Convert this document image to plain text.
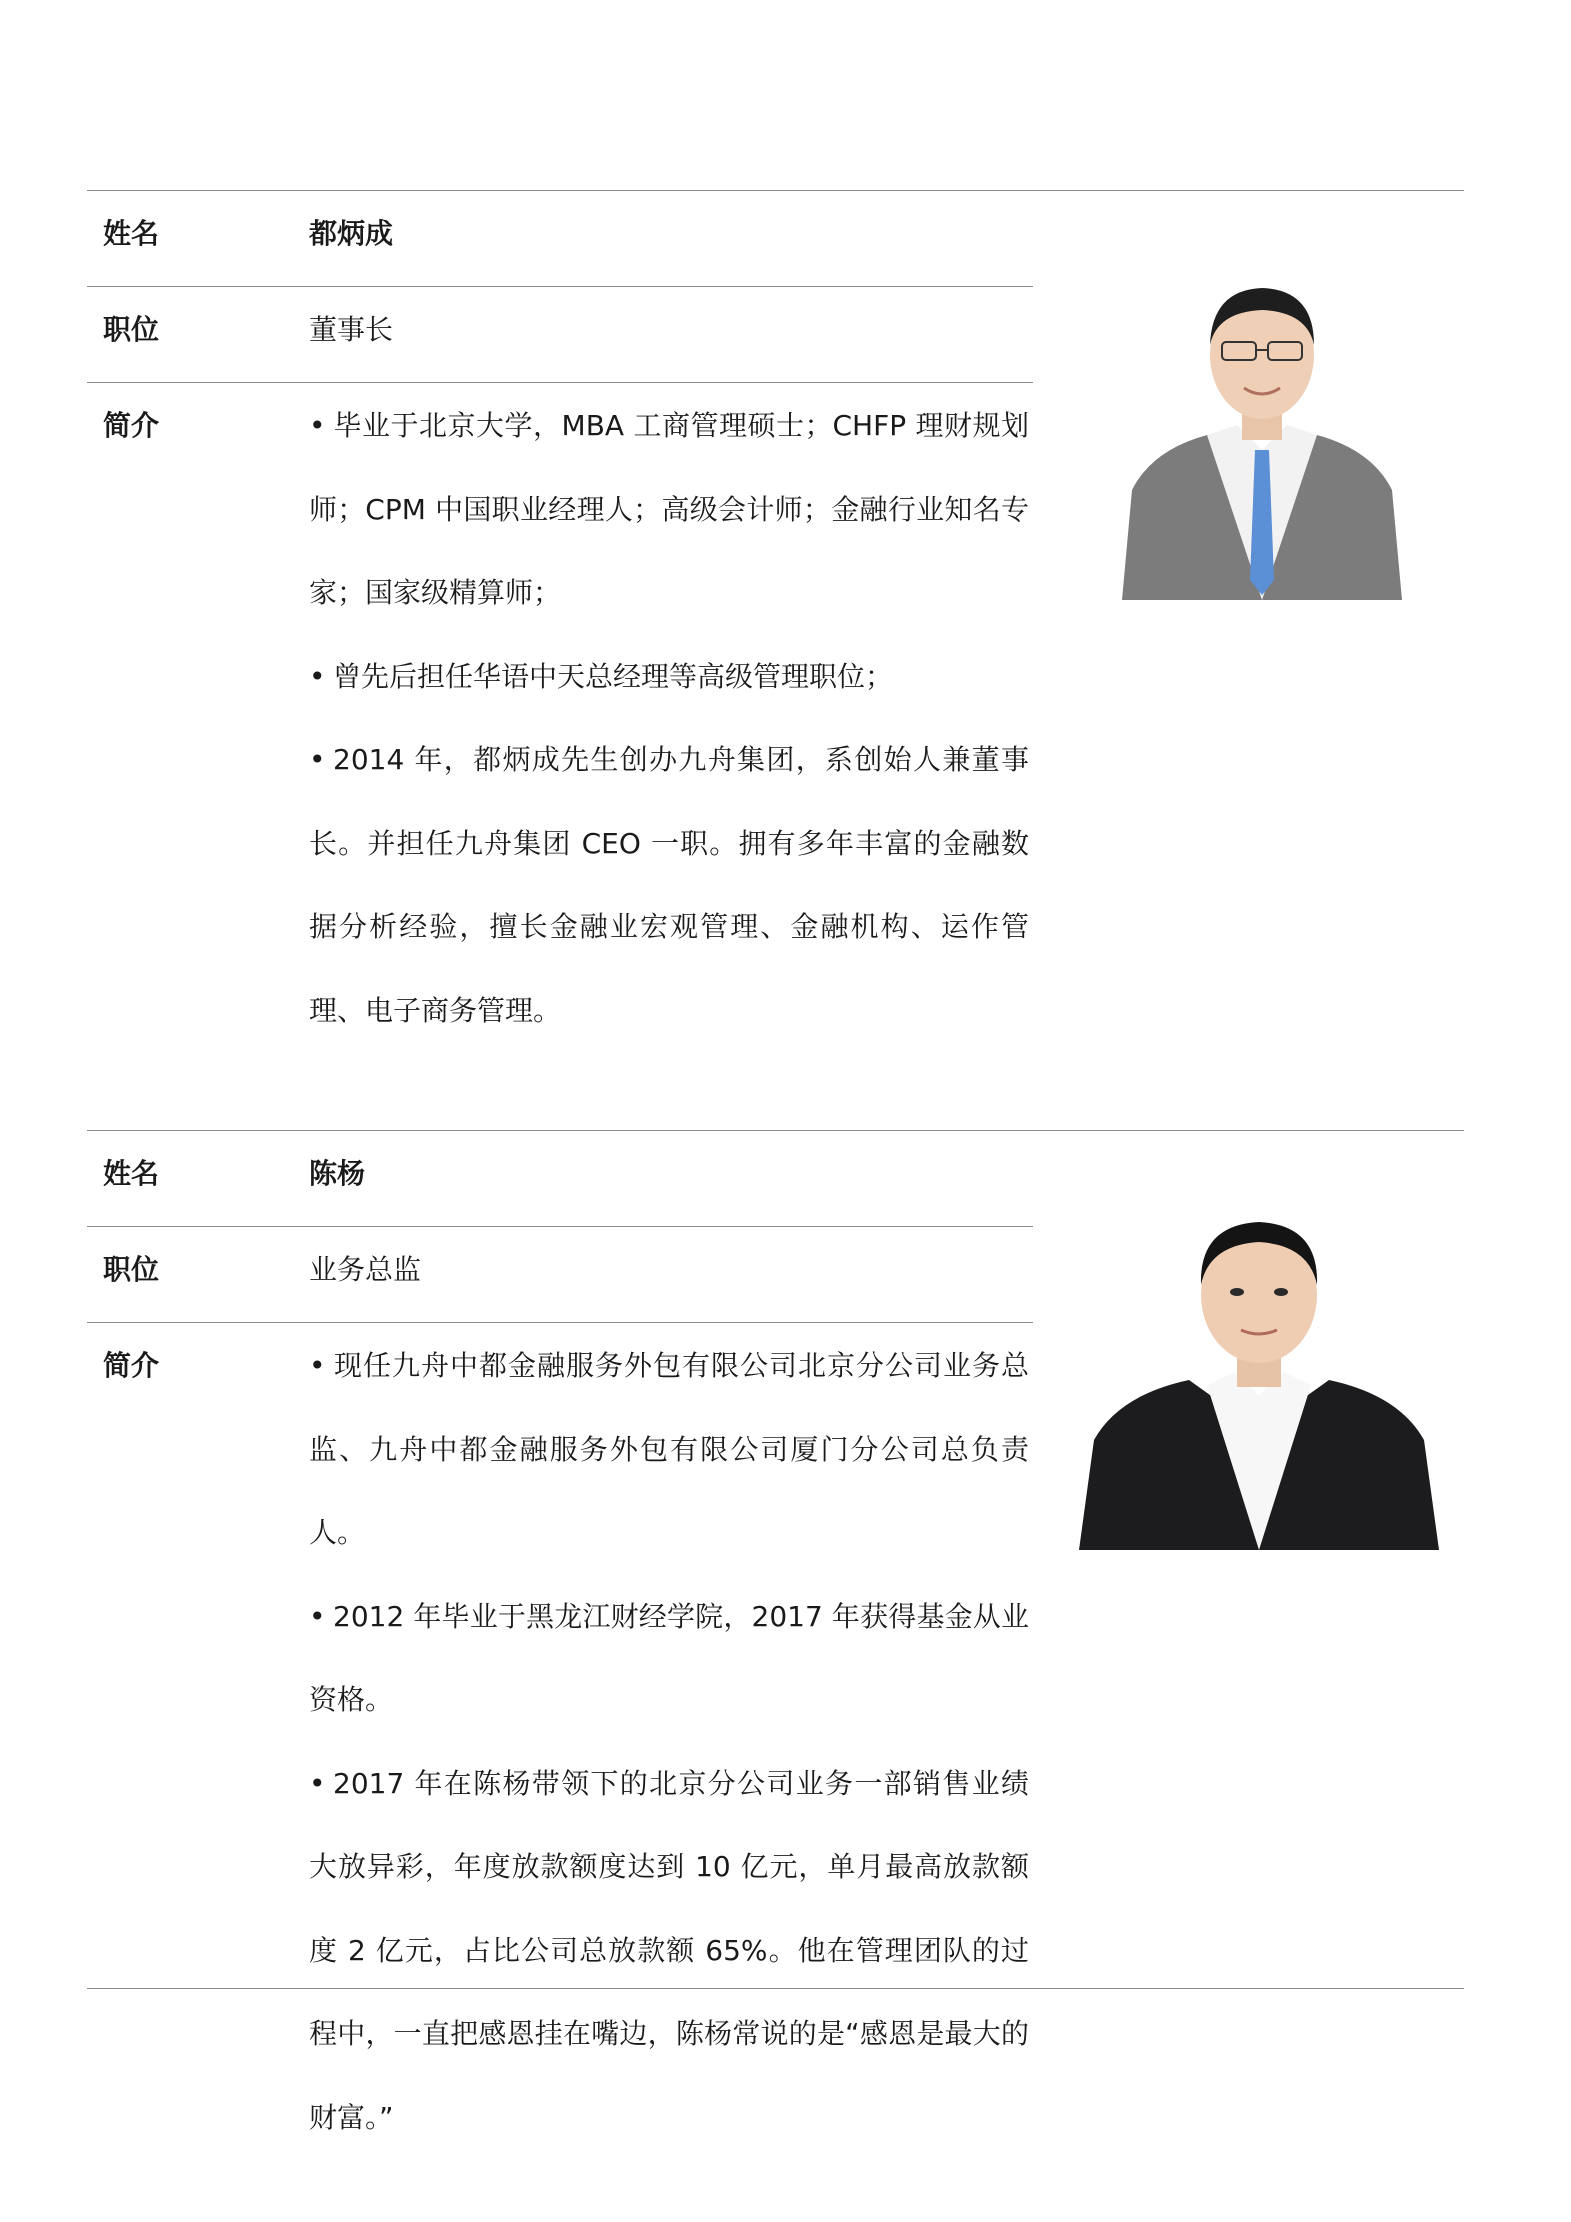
姓名	都炳成
职位	董事长
简介	• 毕业于北京大学，MBA 工商管理硕士；CHFP 理财规划师；CPM 中国职业经理人；高级会计师；金融行业知名专家；国家级精算师；

• 曾先后担任华语中天总经理等高级管理职位；

• 2014 年，都炳成先生创办九舟集团，系创始人兼董事长。并担任九舟集团 CEO 一职。拥有多年丰富的金融数据分析经验，擅长金融业宏观管理、金融机构、运作管理、电子商务管理。

姓名	陈杨
职位	业务总监
简介	• 现任九舟中都金融服务外包有限公司北京分公司业务总监、九舟中都金融服务外包有限公司厦门分公司总负责人。

• 2012 年毕业于黑龙江财经学院，2017 年获得基金从业资格。

• 2017 年在陈杨带领下的北京分公司业务一部销售业绩大放异彩，年度放款额度达到 10 亿元，单月最高放款额度 2 亿元，占比公司总放款额 65%。他在管理团队的过程中，一直把感恩挂在嘴边，陈杨常说的是“感恩是最大的财富。”
